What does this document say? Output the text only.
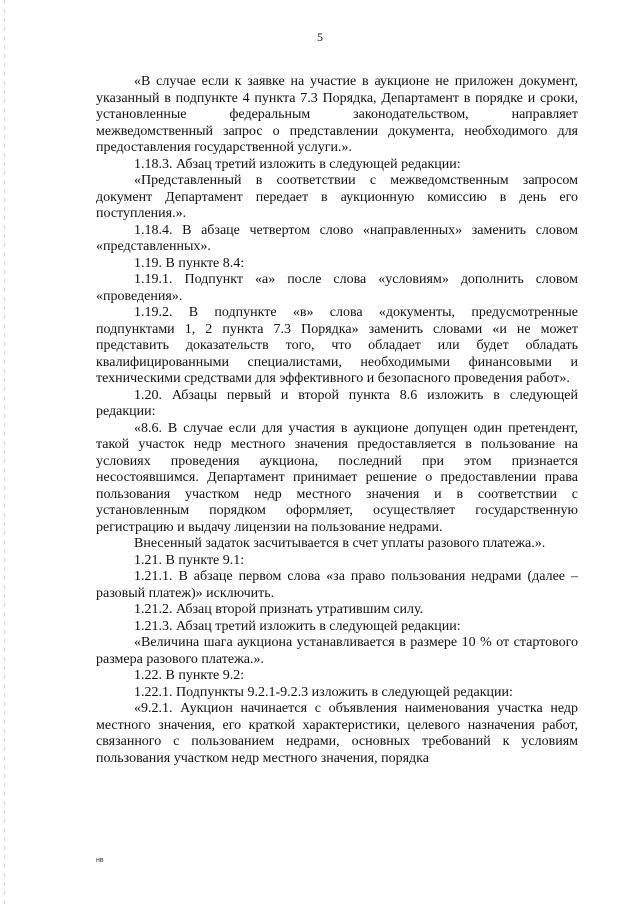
5

«В случае если к заявке на участие в аукционе не приложен документ, указанный в подпункте 4 пункта 7.3 Порядка, Департамент в порядке и сроки, установленные федеральным законодательством, направляет межведомственный запрос о представлении документа, необходимого для предоставления государственной услуги.».

1.18.3. Абзац третий изложить в следующей редакции:

«Представленный в соответствии с межведомственным запросом документ Департамент передает в аукционную комиссию в день его поступления.».

1.18.4. В абзаце четвертом слово «направленных» заменить словом «представленных».

1.19. В пункте 8.4:

1.19.1. Подпункт «а» после слова «условиям» дополнить словом «проведения».

1.19.2. В подпункте «в» слова «документы, предусмотренные подпунктами 1, 2 пункта 7.3 Порядка» заменить словами «и не может представить доказательств того, что обладает или будет обладать квалифицированными специалистами, необходимыми финансовыми и техническими средствами для эффективного и безопасного проведения работ».

1.20. Абзацы первый и второй пункта 8.6 изложить в следующей редакции:

«8.6. В случае если для участия в аукционе допущен один претендент, такой участок недр местного значения предоставляется в пользование на условиях проведения аукциона, последний при этом признается несостоявшимся. Департамент принимает решение о предоставлении права пользования участком недр местного значения и в соответствии с установленным порядком оформляет, осуществляет государственную регистрацию и выдачу лицензии на пользование недрами.

Внесенный задаток засчитывается в счет уплаты разового платежа.».

1.21. В пункте 9.1:

1.21.1. В абзаце первом слова «за право пользования недрами (далее – разовый платеж)» исключить.

1.21.2. Абзац второй признать утратившим силу.

1.21.3. Абзац третий изложить в следующей редакции:

«Величина шага аукциона устанавливается в размере 10 % от стартового размера разового платежа.».

1.22. В пункте 9.2:

1.22.1. Подпункты 9.2.1-9.2.3 изложить в следующей редакции:

«9.2.1. Аукцион начинается с объявления наименования участка недр местного значения, его краткой характеристики, целевого назначения работ, связанного с пользованием недрами, основных требований к условиям пользования участком недр местного значения, порядка

нв
